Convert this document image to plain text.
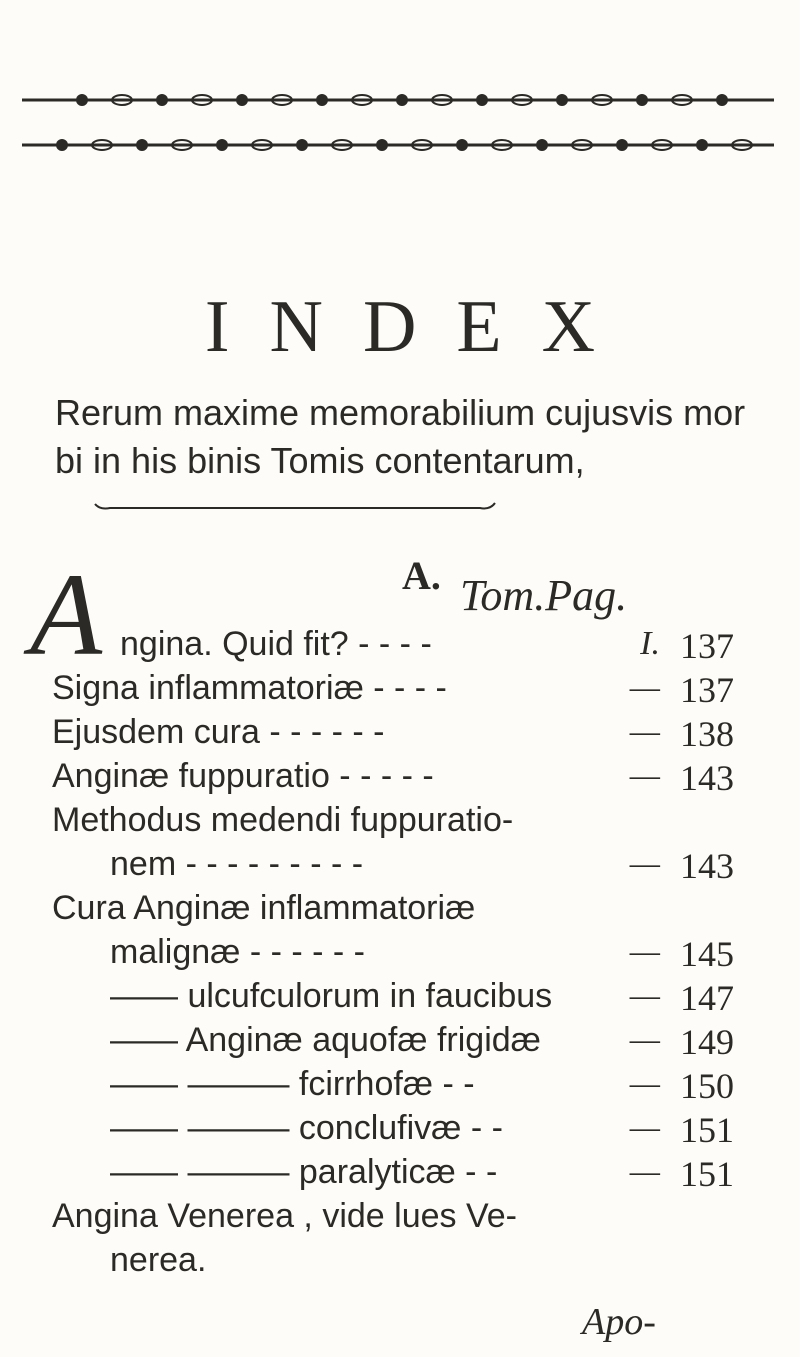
INDEX
Rerum maxime memorabilium cujusvis mor
bi in his binis Tomis contentarum,
A. Tom.Pag.
A ngina. Quid fit? - - - -	I. 137
Signa inflammatoriæ - - - -	— 137
Ejusdem cura - - - - - -	— 138
Anginæ fuppuratio - - - - -	— 143
Methodus medendi fuppuratio-
nem - - - - - - - - -	— 143
Cura Anginæ inflammatoriæ
malignæ - - - - - -	— 145
—— ulcufculorum in faucibus	— 147
—— Anginæ aquofæ frigidæ	— 149
—— ——— fcirrhofæ - -	— 150
—— ——— conclufivæ - -	— 151
—— ——— paralyticæ - -	— 151
Angina Venerea , vide lues Ve-
nerea.
Apo-
